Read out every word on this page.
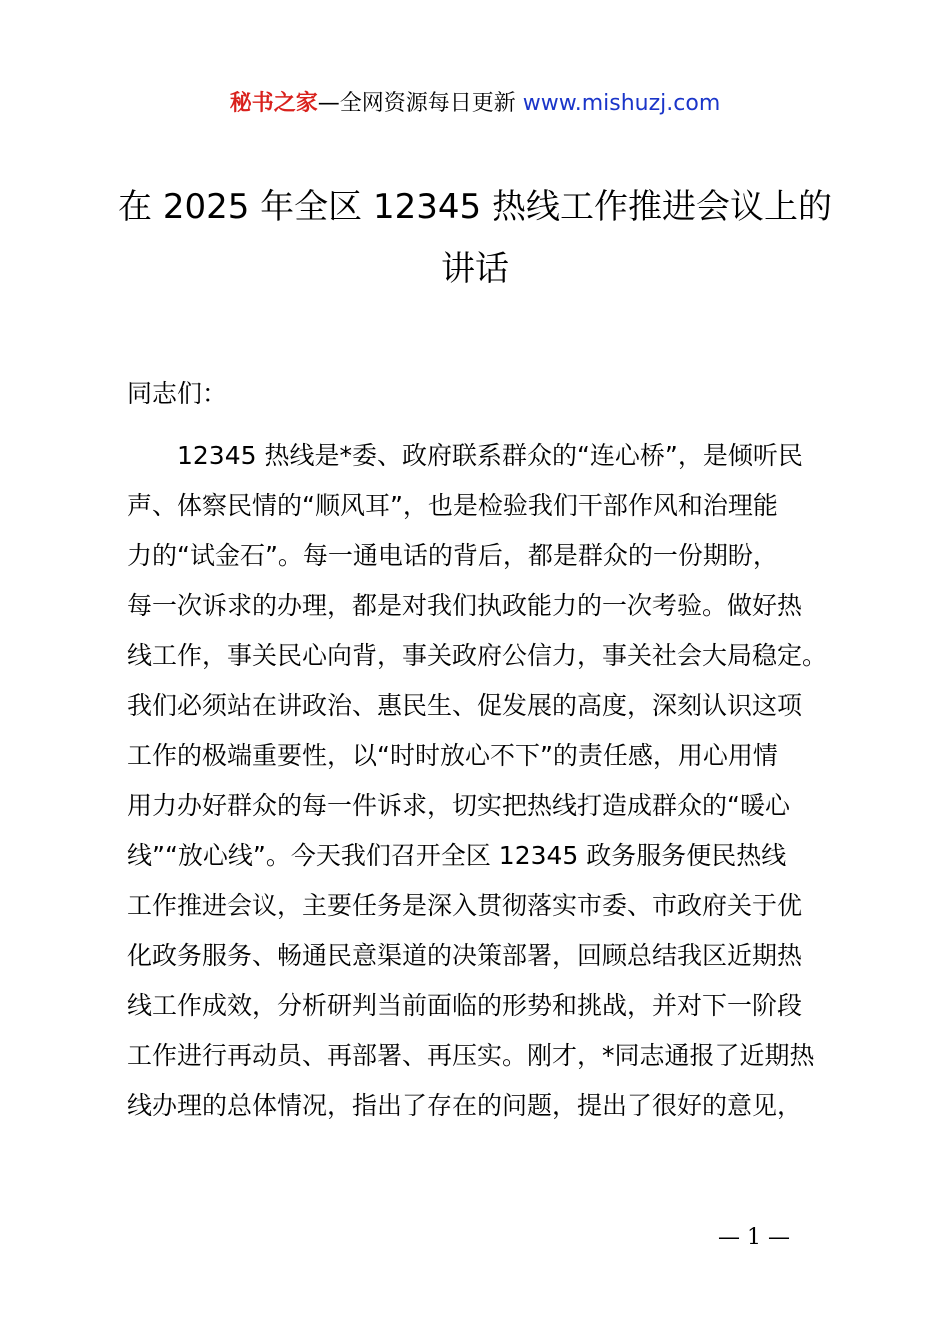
秘书之家—全网资源每日更新 www.mishuzj.com
在 2025 年全区 12345 热线工作推进会议上的
讲话
同志们：
　　12345 热线是*委、政府联系群众的“连心桥”，是倾听民
声、体察民情的“顺风耳”，也是检验我们干部作风和治理能
力的“试金石”。每一通电话的背后，都是群众的一份期盼，
每一次诉求的办理，都是对我们执政能力的一次考验。做好热
线工作，事关民心向背，事关政府公信力，事关社会大局稳定。
我们必须站在讲政治、惠民生、促发展的高度，深刻认识这项
工作的极端重要性，以“时时放心不下”的责任感，用心用情
用力办好群众的每一件诉求，切实把热线打造成群众的“暖心
线”“放心线”。今天我们召开全区 12345 政务服务便民热线
工作推进会议，主要任务是深入贯彻落实市委、市政府关于优
化政务服务、畅通民意渠道的决策部署，回顾总结我区近期热
线工作成效，分析研判当前面临的形势和挑战，并对下一阶段
工作进行再动员、再部署、再压实。刚才，*同志通报了近期热
线办理的总体情况，指出了存在的问题，提出了很好的意见，
— 1 —
